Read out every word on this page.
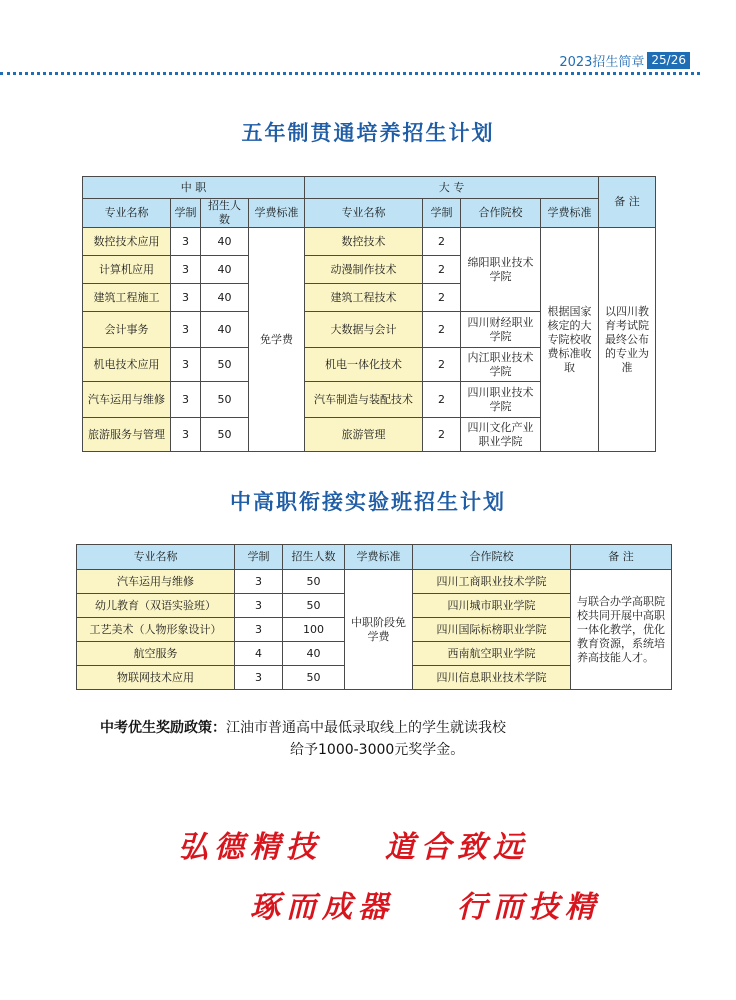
2023招生简章 25/26
五年制贯通培养招生计划
中 职				大 专				备 注
专业名称	学制	招生人数	学费标准	专业名称	学制	合作院校	学费标准	
数控技术应用	3	40	免学费	数控技术	2	绵阳职业技术学院	根据国家核定的大专院校收费标准收取	以四川教育考试院最终公布的专业为准
计算机应用	3	40		动漫制作技术	2			
建筑工程施工	3	40		建筑工程技术	2			
会计事务	3	40		大数据与会计	2	四川财经职业学院		
机电技术应用	3	50		机电一体化技术	2	内江职业技术学院		
汽车运用与维修	3	50		汽车制造与装配技术	2	四川职业技术学院		
旅游服务与管理	3	50		旅游管理	2	四川文化产业职业学院		
中高职衔接实验班招生计划
专业名称	学制	招生人数	学费标准	合作院校	备 注
汽车运用与维修	3	50	中职阶段免学费	四川工商职业技术学院	与联合办学高职院校共同开展中高职一体化教学，优化教育资源，系统培养高技能人才。
幼儿教育（双语实验班）	3	50		四川城市职业学院	
工艺美术（人物形象设计）	3	100		四川国际标榜职业学院	
航空服务	4	40		西南航空职业学院	
物联网技术应用	3	50		四川信息职业技术学院	
中考优生奖励政策：江油市普通高中最低录取线上的学生就读我校
给予1000-3000元奖学金。
弘德精技 道合致远
琢而成器 行而技精
